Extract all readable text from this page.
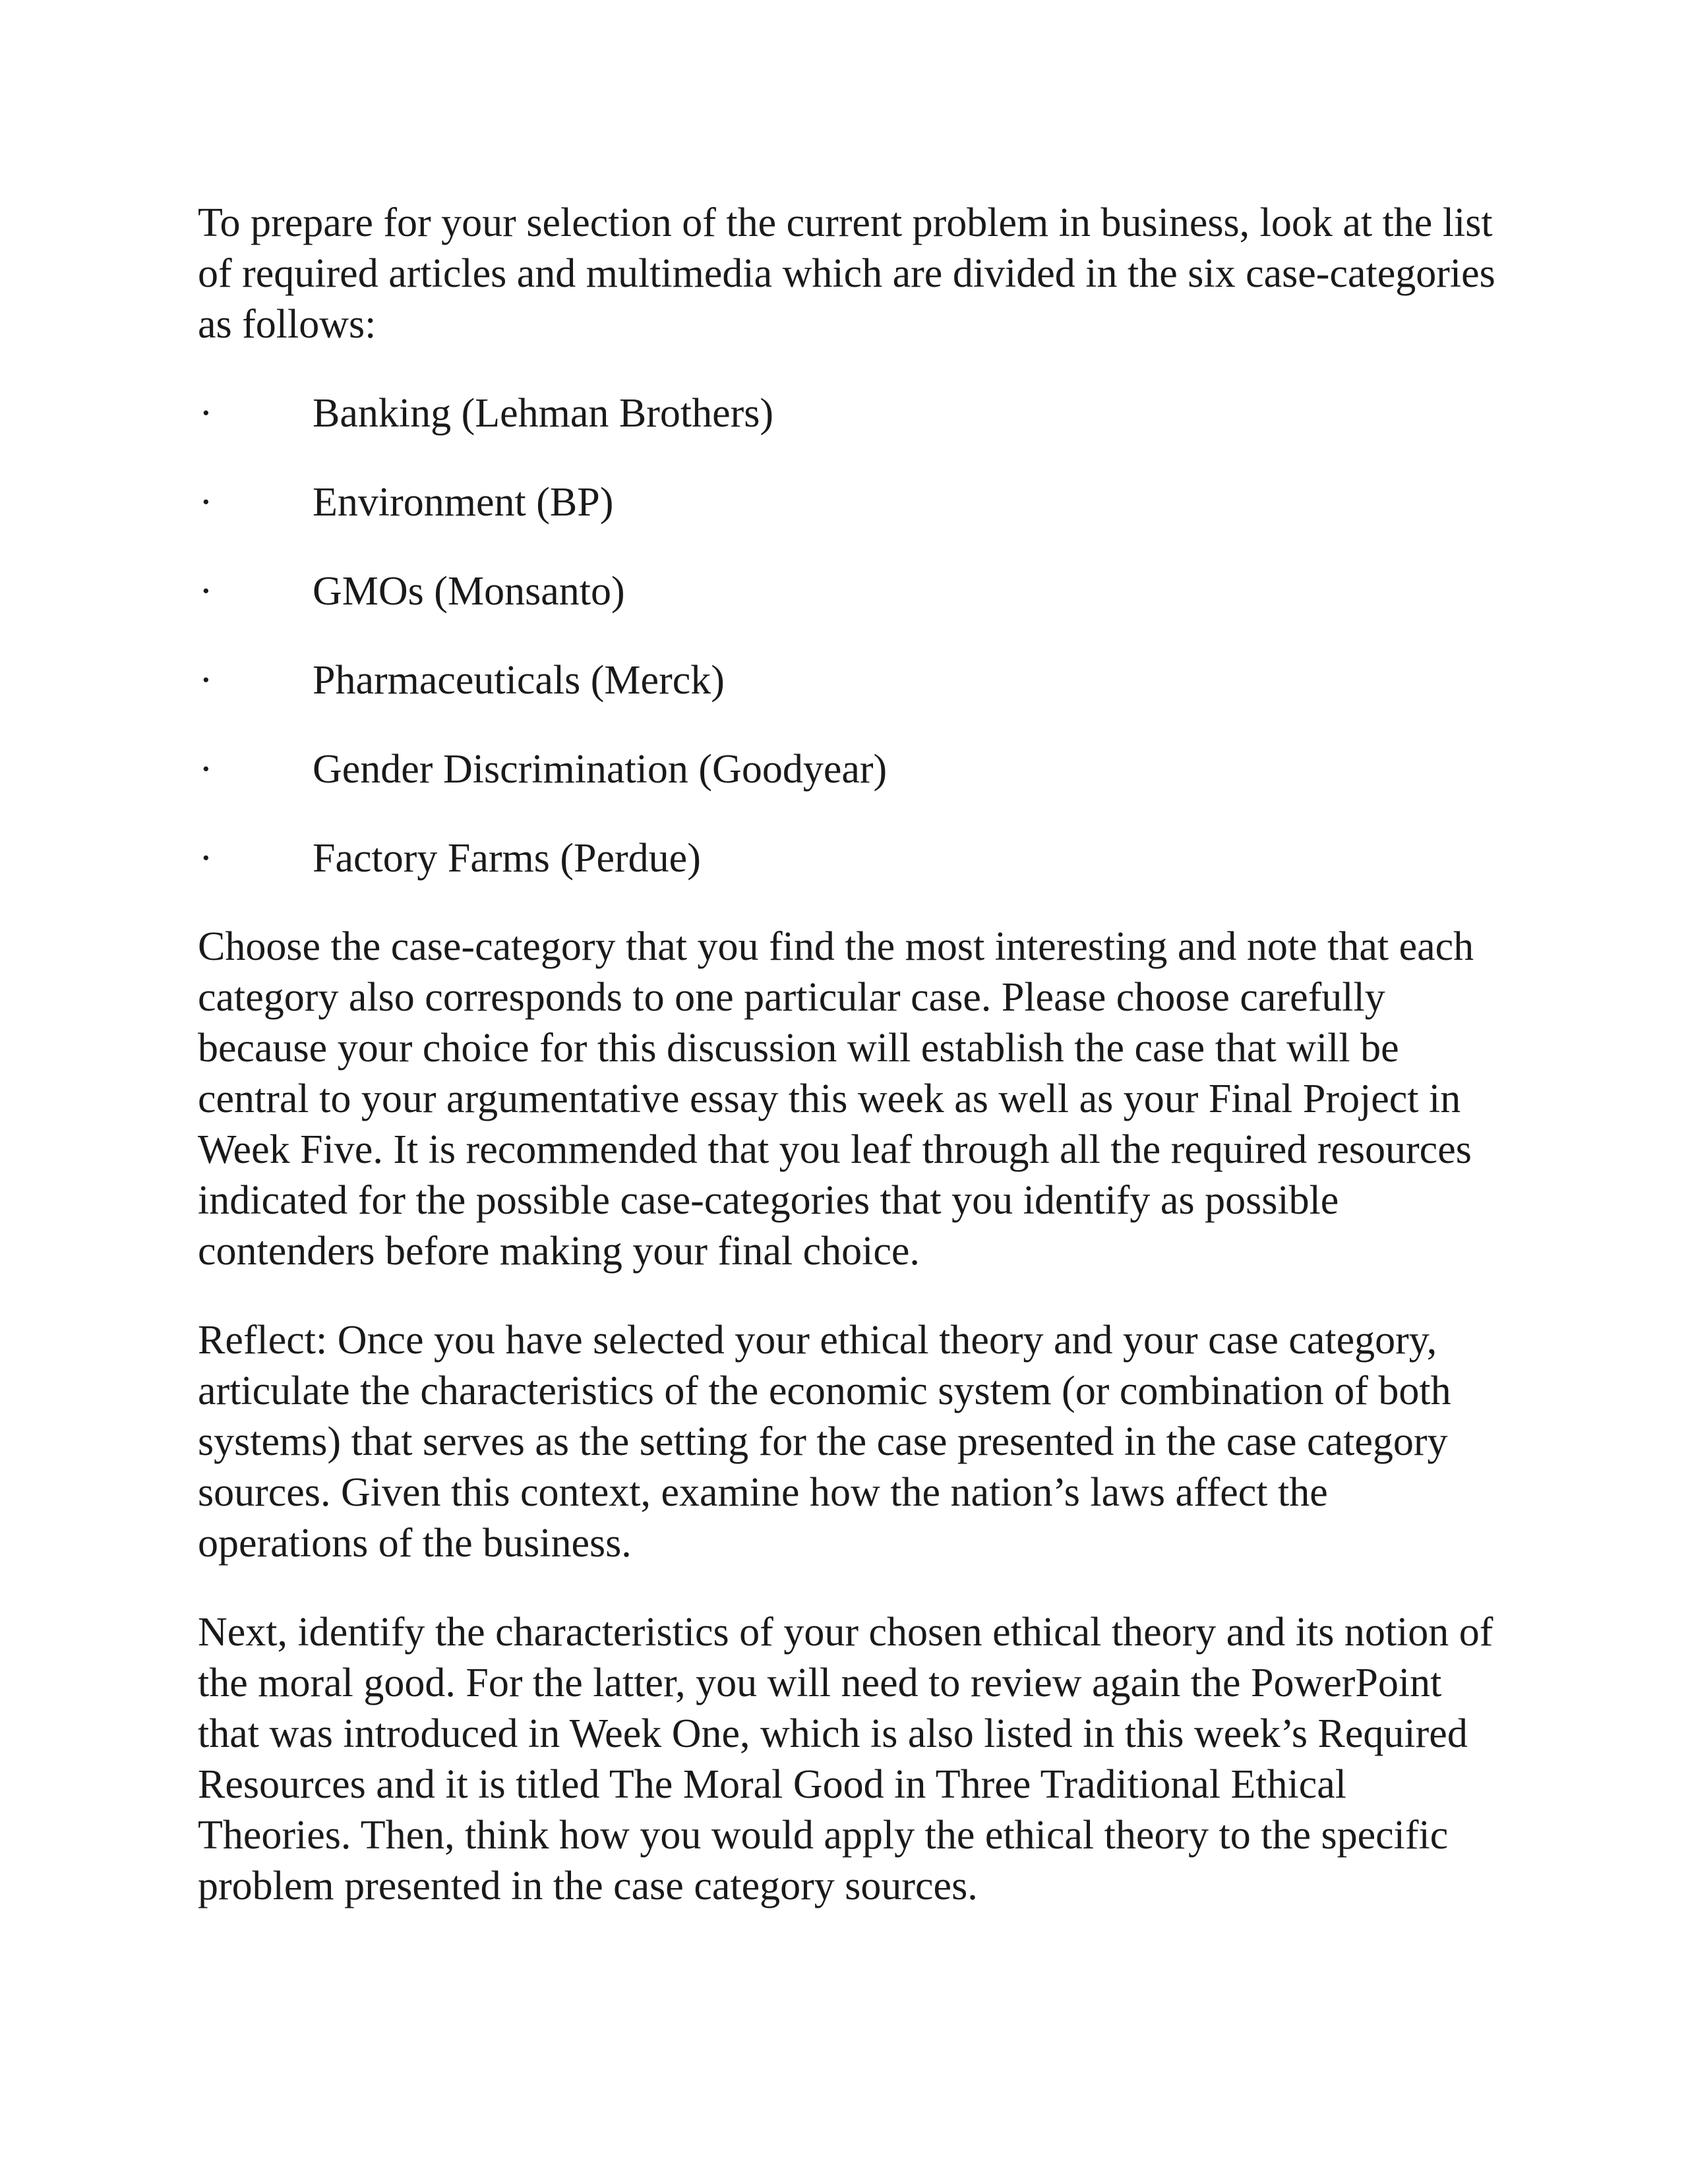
To prepare for your selection of the current problem in business, look at the list of required articles and multimedia which are divided in the six case-categories as follows:

·	Banking (Lehman Brothers)
·	Environment (BP)
·	GMOs (Monsanto)
·	Pharmaceuticals (Merck)
·	Gender Discrimination (Goodyear)
·	Factory Farms (Perdue)

Choose the case-category that you find the most interesting and note that each category also corresponds to one particular case. Please choose carefully because your choice for this discussion will establish the case that will be central to your argumentative essay this week as well as your Final Project in Week Five. It is recommended that you leaf through all the required resources indicated for the possible case-categories that you identify as possible contenders before making your final choice.

Reflect: Once you have selected your ethical theory and your case category, articulate the characteristics of the economic system (or combination of both systems) that serves as the setting for the case presented in the case category sources. Given this context, examine how the nation’s laws affect the operations of the business.

Next, identify the characteristics of your chosen ethical theory and its notion of the moral good. For the latter, you will need to review again the PowerPoint that was introduced in Week One, which is also listed in this week’s Required Resources and it is titled The Moral Good in Three Traditional Ethical Theories. Then, think how you would apply the ethical theory to the specific problem presented in the case category sources.
